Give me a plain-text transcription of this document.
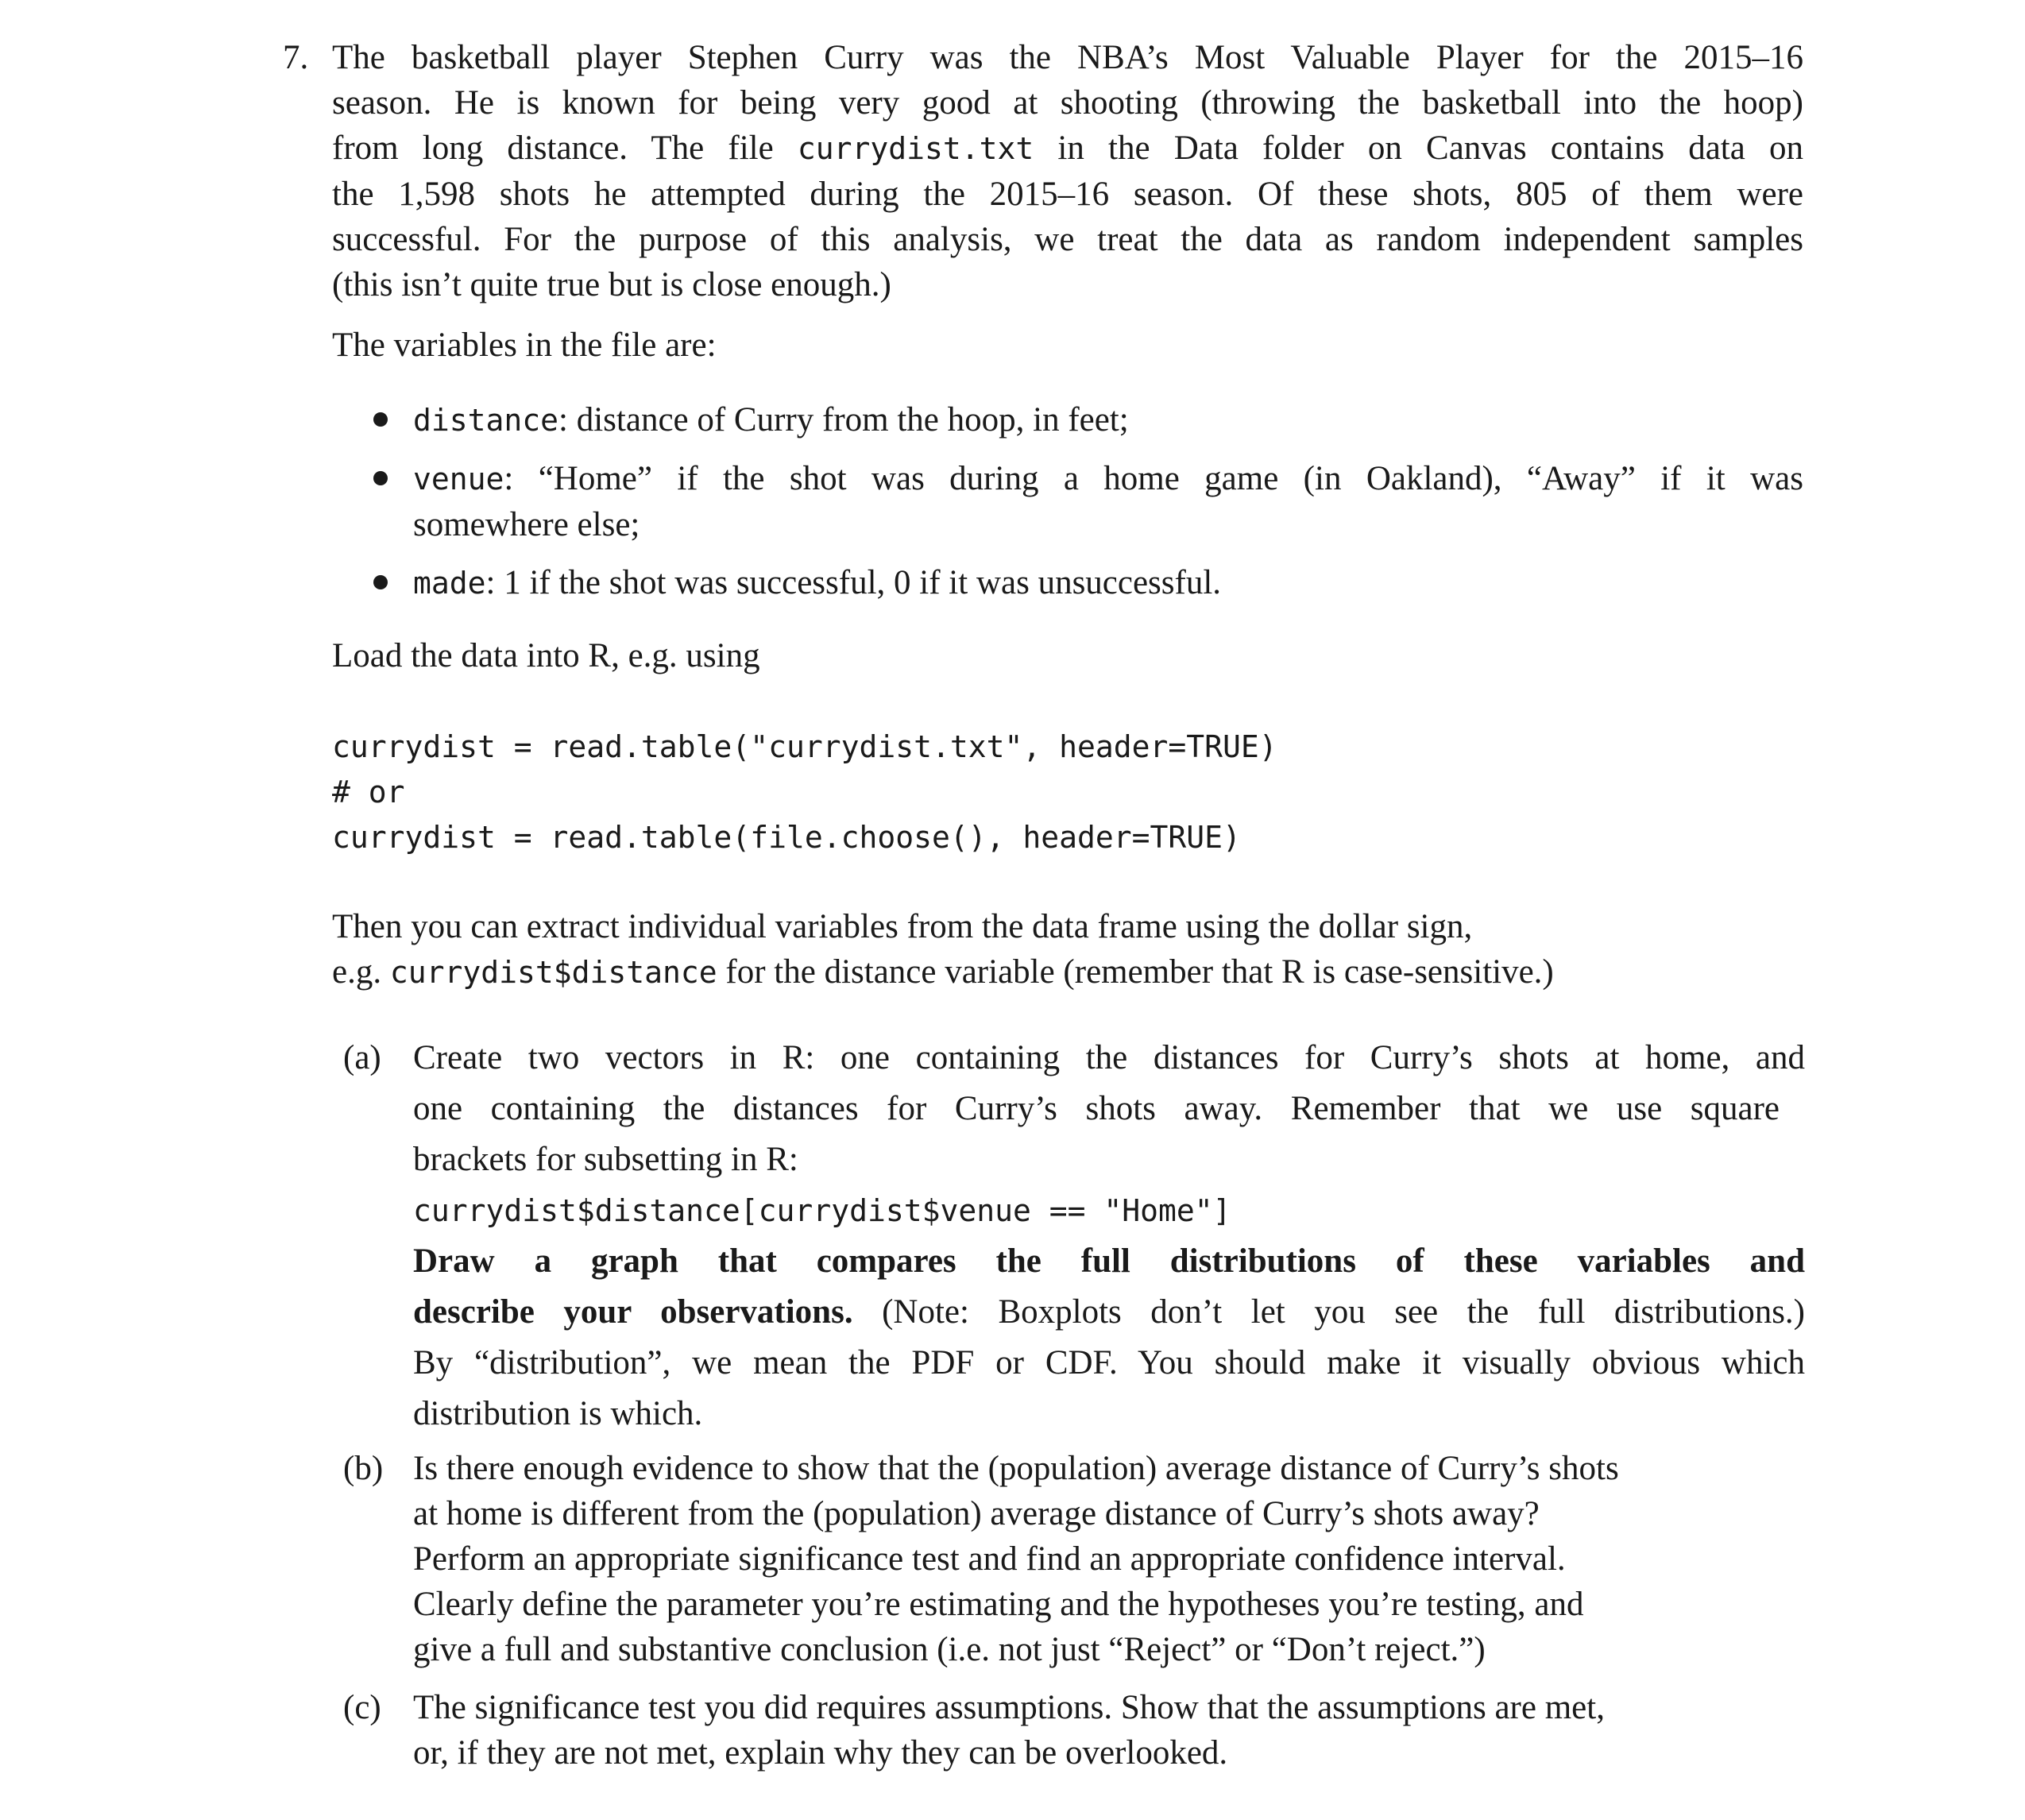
7. The basketball player Stephen Curry was the NBA’s Most Valuable Player for the 2015–16
season. He is known for being very good at shooting (throwing the basketball into the hoop)
from long distance. The file currydist.txt in the Data folder on Canvas contains data on
the 1,598 shots he attempted during the 2015–16 season. Of these shots, 805 of them were
successful. For the purpose of this analysis, we treat the data as random independent samples
(this isn’t quite true but is close enough.)
The variables in the file are:
distance: distance of Curry from the hoop, in feet;
venue: “Home” if the shot was during a home game (in Oakland), “Away” if it was
somewhere else;
made: 1 if the shot was successful, 0 if it was unsuccessful.
Load the data into R, e.g. using
currydist = read.table("currydist.txt", header=TRUE)
# or
currydist = read.table(file.choose(), header=TRUE)
Then you can extract individual variables from the data frame using the dollar sign,
e.g. currydist$distance for the distance variable (remember that R is case-sensitive.)
(a) Create two vectors in R: one containing the distances for Curry’s shots at home, and
one containing the distances for Curry’s shots away. Remember that we use square
brackets for subsetting in R:
currydist$distance[currydist$venue == "Home"]
Draw a graph that compares the full distributions of these variables and
describe your observations. (Note: Boxplots don’t let you see the full distributions.)
By “distribution”, we mean the PDF or CDF. You should make it visually obvious which
distribution is which.
(b) Is there enough evidence to show that the (population) average distance of Curry’s shots
at home is different from the (population) average distance of Curry’s shots away?
Perform an appropriate significance test and find an appropriate confidence interval.
Clearly define the parameter you’re estimating and the hypotheses you’re testing, and
give a full and substantive conclusion (i.e. not just “Reject” or “Don’t reject.”)
(c) The significance test you did requires assumptions. Show that the assumptions are met,
or, if they are not met, explain why they can be overlooked.
